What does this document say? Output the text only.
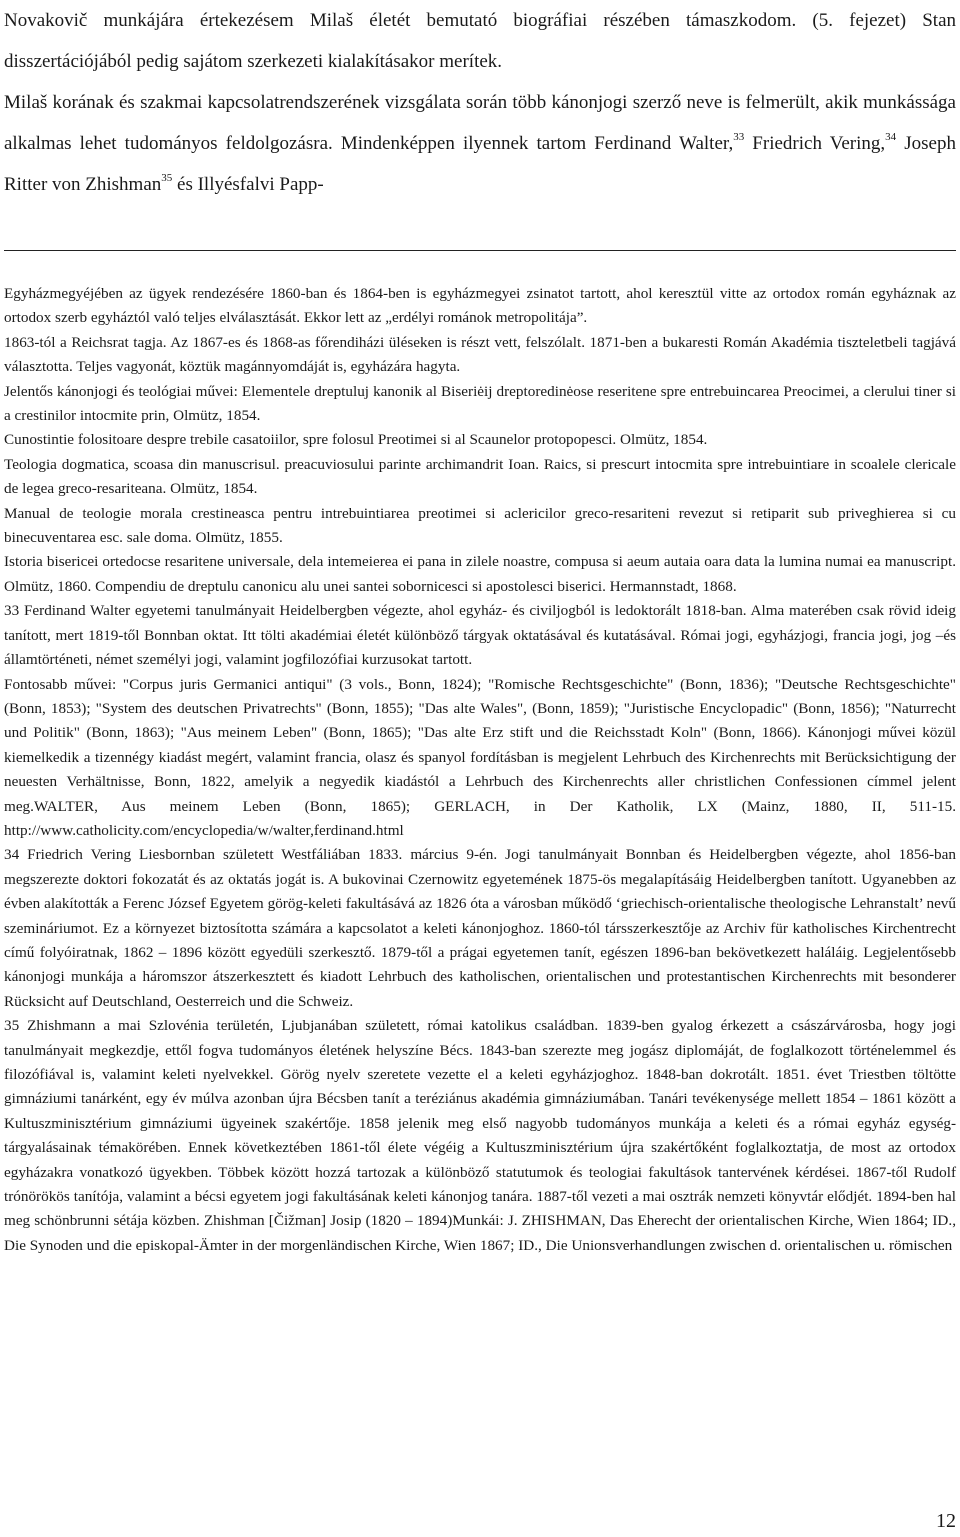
Novakovič munkájára értekezésem Milaš életét bemutató biográfiai részében támaszkodom. (5. fejezet) Stan disszertációjából pedig sajátom szerkezeti kialakításakor merítek.

Milaš korának és szakmai kapcsolatrendszerének vizsgálata során több kánonjogi szerző neve is felmerült, akik munkássága alkalmas lehet tudományos feldolgozásra. Mindenképpen ilyennek tartom Ferdinand Walter,$^{33}$ Friedrich Vering,$^{34}$ Joseph Ritter von Zhishman$^{35}$ és Illyésfalvi Papp-

Egyházmegyéjében az ügyek rendezésére 1860-ban és 1864-ben is egyházmegyei zsinatot tartott, ahol keresztül vitte az ortodox román egyháznak az ortodox szerb egyháztól való teljes elválasztását. Ekkor lett az „erdélyi románok metropolitája”.

1863-tól a Reichsrat tagja. Az 1867-es és 1868-as főrendiházi üléseken is részt vett, felszólalt. 1871-ben a bukaresti Román Akadémia tiszteletbeli tagjává választotta. Teljes vagyonát, köztük magánnyomdáját is, egyházára hagyta.

Jelentős kánonjogi és teológiai művei: Elementele dreptuluj kanonik al Biseriėij dreptoredinėose reseritene spre entrebuincarea Preocimei, a clerului tiner si a crestinilor intocmite prin, Olmütz, 1854.

Cunostintie folositoare despre trebile casatoiilor, spre folosul Preotimei si al Scaunelor protopopesci. Olmütz, 1854.

Teologia dogmatica, scoasa din manuscrisul. preacuviosului parinte archimandrit Ioan. Raics, si prescurt intocmita spre intrebuintiare in scoalele clericale de legea greco-resariteana. Olmütz, 1854.

Manual de teologie morala crestineasca pentru intrebuintiarea preotimei si aclericilor greco-resariteni revezut si retiparit sub priveghierea si cu binecuventarea esc. sale doma. Olmütz, 1855.

Istoria bisericei ortedocse resaritene universale, dela intemeierea ei pana in zilele noastre, compusa si aeum autaia oara data la lumina numai ea manuscript. Olmütz, 1860. Compendiu de dreptulu canonicu alu unei santei sobornicesci si apostolesci biserici. Hermannstadt, 1868.

33 Ferdinand Walter egyetemi tanulmányait Heidelbergben végezte, ahol egyház- és civiljogból is ledoktorált 1818-ban. Alma materében csak rövid ideig tanított, mert 1819-től Bonnban oktat. Itt tölti akadémiai életét különböző tárgyak oktatásával és kutatásával. Római jogi, egyházjogi, francia jogi, jog –és államtörténeti, német személyi jogi, valamint jogfilozófiai kurzusokat tartott.

Fontosabb művei: "Corpus juris Germanici antiqui" (3 vols., Bonn, 1824); "Romische Rechtsgeschichte" (Bonn, 1836); "Deutsche Rechtsgeschichte" (Bonn, 1853); "System des deutschen Privatrechts" (Bonn, 1855); "Das alte Wales", (Bonn, 1859); "Juristische Encyclopadic" (Bonn, 1856); "Naturrecht und Politik" (Bonn, 1863); "Aus meinem Leben" (Bonn, 1865); "Das alte Erz stift und die Reichsstadt Koln" (Bonn, 1866). Kánonjogi művei közül kiemelkedik a tizennégy kiadást megért, valamint francia, olasz és spanyol fordításban is megjelent Lehrbuch des Kirchenrechts mit Berücksichtigung der neuesten Verhältnisse, Bonn, 1822, amelyik a negyedik kiadástól a Lehrbuch des Kirchenrechts aller christlichen Confessionen címmel jelent meg.WALTER, Aus meinem Leben (Bonn, 1865); GERLACH, in Der Katholik, LX (Mainz, 1880, II, 511-15. http://www.catholicity.com/encyclopedia/w/walter,ferdinand.html

34 Friedrich Vering Liesbornban született Westfáliában 1833. március 9-én. Jogi tanulmányait Bonnban és Heidelbergben végezte, ahol 1856-ban megszerezte doktori fokozatát és az oktatás jogát is. A bukovinai Czernowitz egyetemének 1875-ös megalapításáig Heidelbergben tanított. Ugyanebben az évben alakították a Ferenc József Egyetem görög-keleti fakultásává az 1826 óta a városban működő ‘griechisch-orientalische theologische Lehranstalt’ nevű szemináriumot. Ez a környezet biztosította számára a kapcsolatot a keleti kánonjoghoz. 1860-tól társszerkesztője az Archiv für katholisches Kirchentrecht című folyóiratnak, 1862 – 1896 között egyedüli szerkesztő. 1879-től a prágai egyetemen tanít, egészen 1896-ban bekövetkezett haláláig. Legjelentősebb kánonjogi munkája a háromszor átszerkesztett és kiadott Lehrbuch des katholischen, orientalischen und protestantischen Kirchenrechts mit besonderer Rücksicht auf Deutschland, Oesterreich und die Schweiz.

35 Zhishmann a mai Szlovénia területén, Ljubjanában született, római katolikus családban. 1839-ben gyalog érkezett a császárvárosba, hogy jogi tanulmányait megkezdje, ettől fogva tudományos életének helyszíne Bécs. 1843-ban szerezte meg jogász diplomáját, de foglalkozott történelemmel és filozófiával is, valamint keleti nyelvekkel. Görög nyelv szeretete vezette el a keleti egyházjoghoz. 1848-ban dokrotált. 1851. évet Triestben töltötte gimnáziumi tanárként, egy év múlva azonban újra Bécsben tanít a teréziánus akadémia gimnáziumában. Tanári tevékenysége mellett 1854 – 1861 között a Kultuszminisztérium gimnáziumi ügyeinek szakértője. 1858 jelenik meg első nagyobb tudományos munkája a keleti és a római egyház egység-tárgyalásainak témakörében. Ennek következtében 1861-től élete végéig a Kultuszminisztérium újra szakértőként foglalkoztatja, de most az ortodox egyházakra vonatkozó ügyekben. Többek között hozzá tartozak a különböző statutumok és teologiai fakultások tantervének kérdései. 1867-től Rudolf trónörökös tanítója, valamint a bécsi egyetem jogi fakultásának keleti kánonjog tanára. 1887-től vezeti a mai osztrák nemzeti könyvtár elődjét. 1894-ben hal meg schönbrunni sétája közben. Zhishman [Čižman] Josip (1820 – 1894)Munkái: J. ZHISHMAN, Das Eherecht der orientalischen Kirche, Wien 1864; ID., Die Synoden und die episkopal-Ämter in der morgenländischen Kirche, Wien 1867; ID., Die Unionsverhandlungen zwischen d. orientalischen u. römischen

12
